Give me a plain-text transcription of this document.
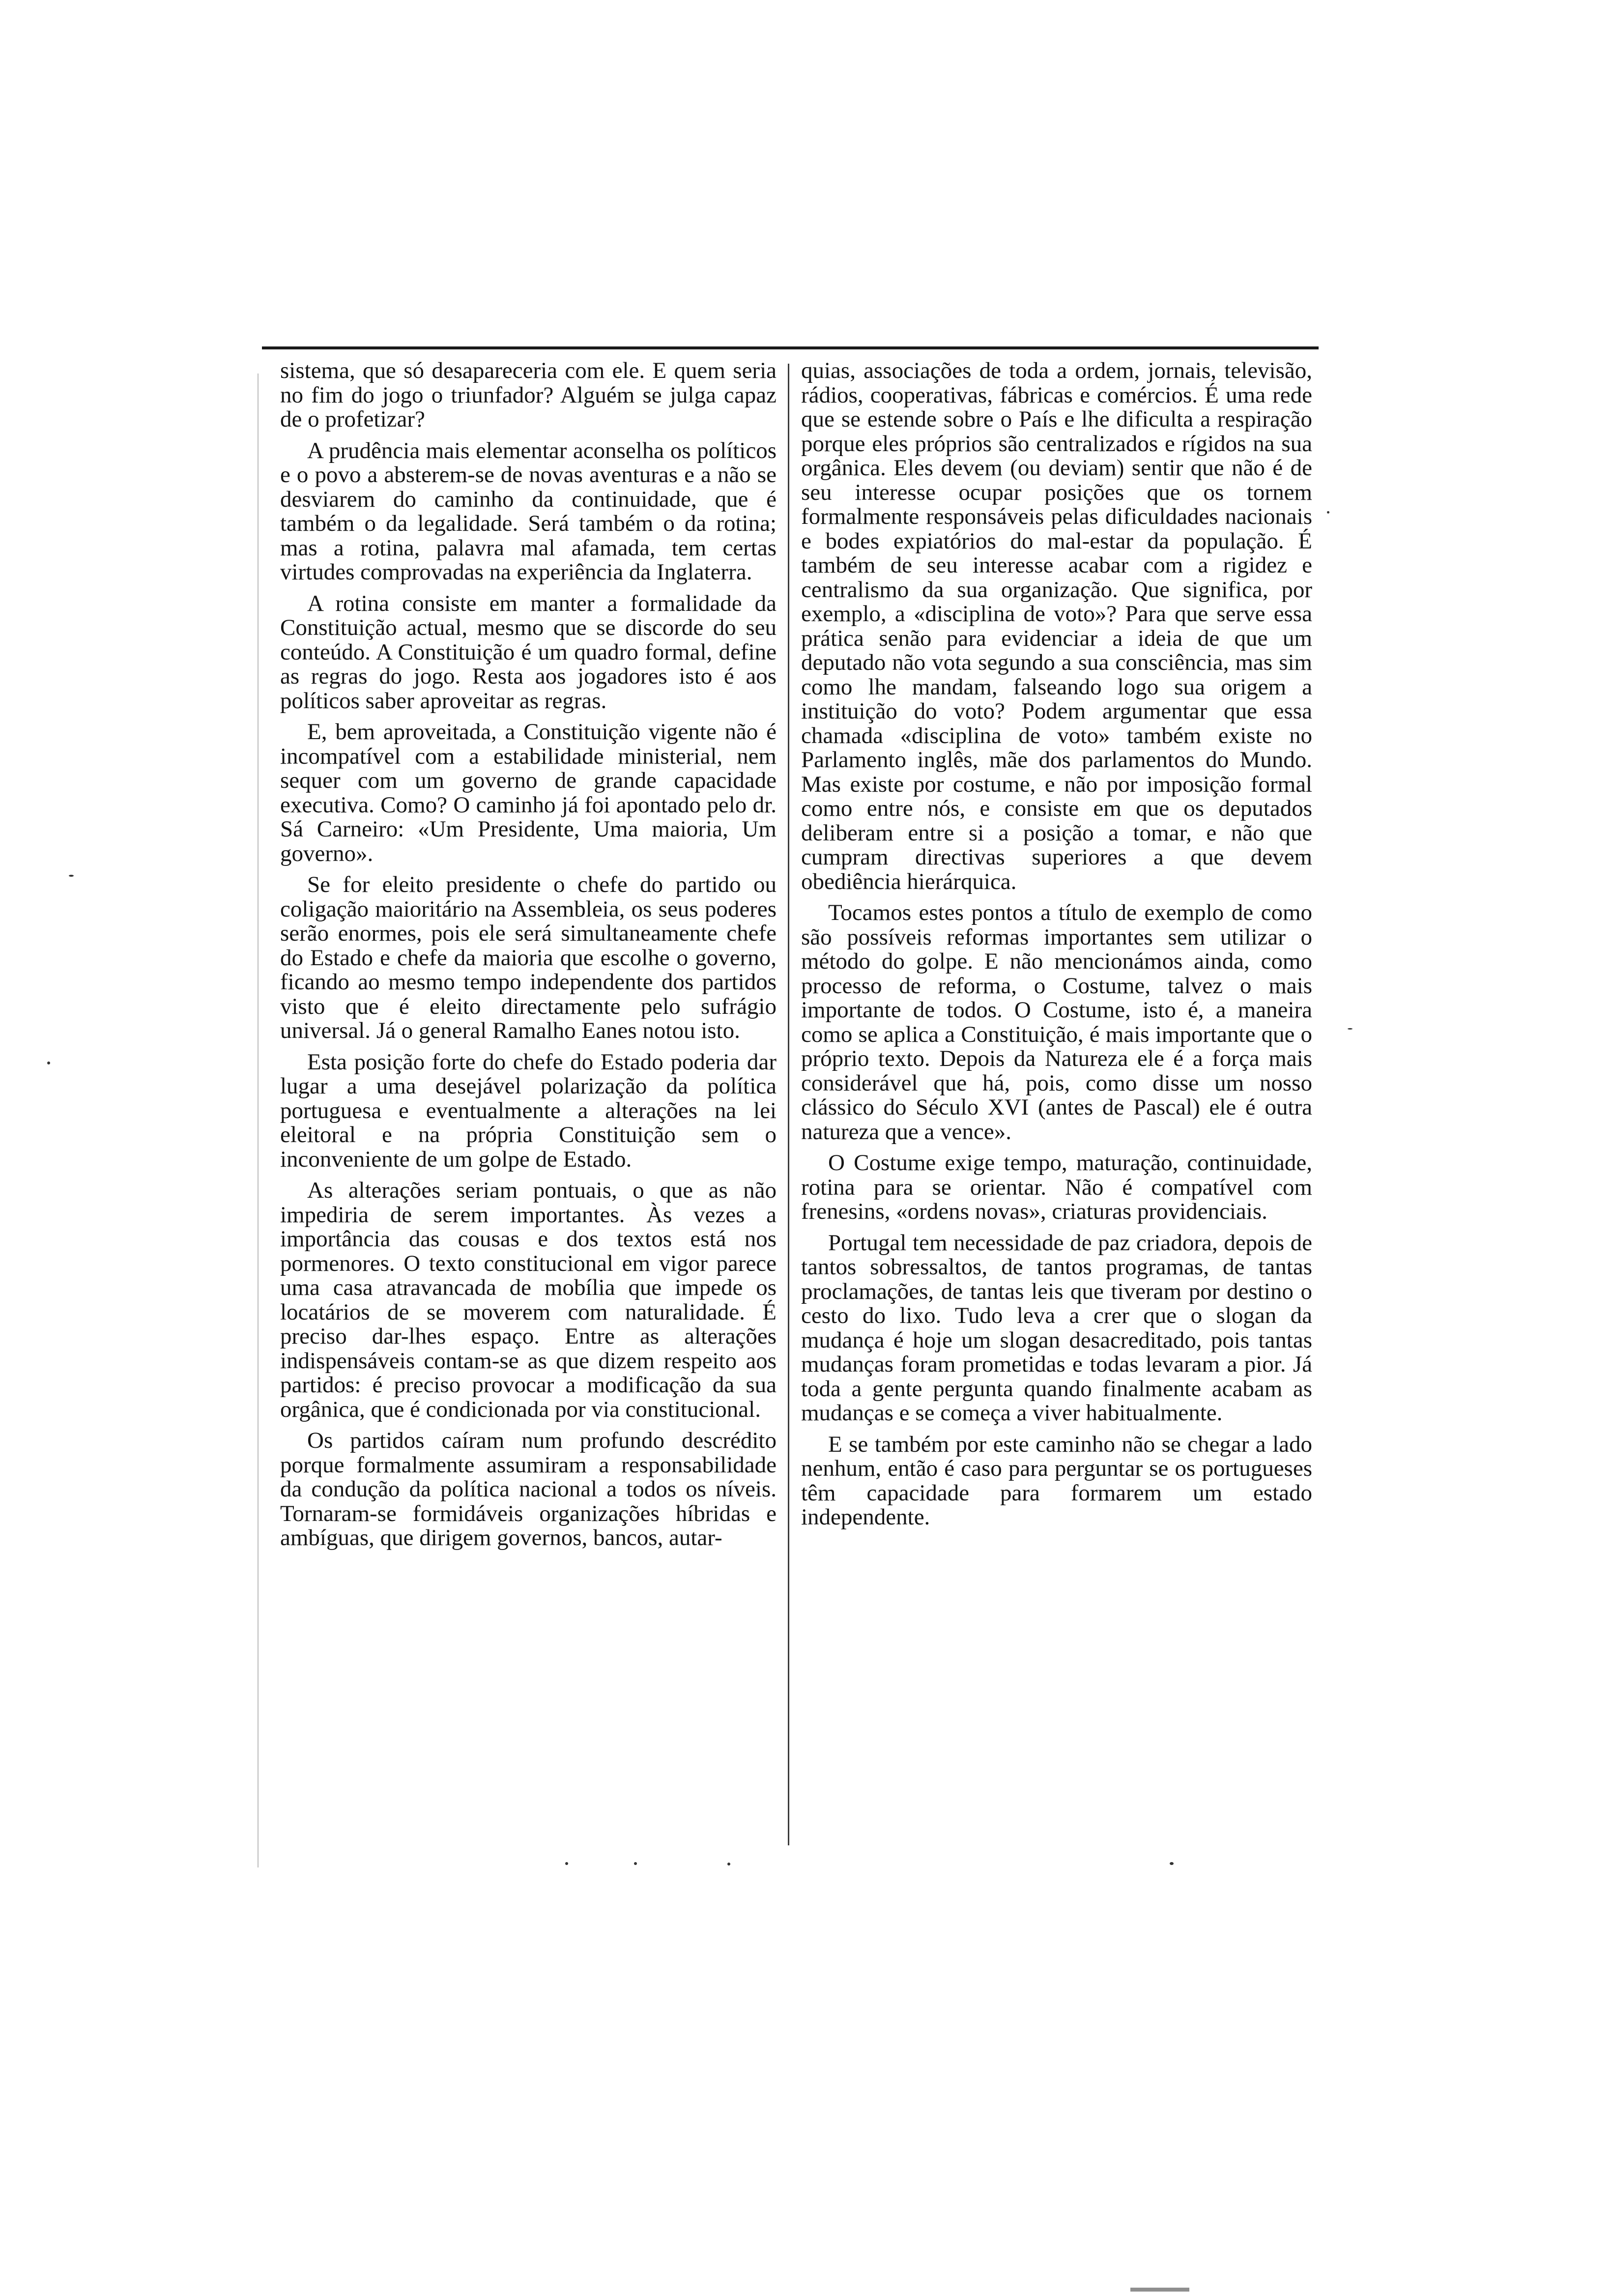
sistema, que só desapareceria com ele. E quem seria no fim do jogo o triunfador? Alguém se julga capaz de o profetizar?

A prudência mais elementar aconselha os políticos e o povo a absterem-se de novas aventuras e a não se desviarem do caminho da continuidade, que é também o da legalidade. Será também o da rotina; mas a rotina, palavra mal afamada, tem certas virtudes comprovadas na experiência da Inglaterra.

A rotina consiste em manter a formalidade da Constituição actual, mesmo que se discorde do seu conteúdo. A Constituição é um quadro formal, define as regras do jogo. Resta aos jogadores isto é aos políticos saber aproveitar as regras.

E, bem aproveitada, a Constituição vigente não é incompatível com a estabilidade ministerial, nem sequer com um governo de grande capacidade executiva. Como? O caminho já foi apontado pelo dr. Sá Carneiro: «Um Presidente, Uma maioria, Um governo».

Se for eleito presidente o chefe do partido ou coligação maioritário na Assembleia, os seus poderes serão enormes, pois ele será simultaneamente chefe do Estado e chefe da maioria que escolhe o governo, ficando ao mesmo tempo independente dos partidos visto que é eleito directamente pelo sufrágio universal. Já o general Ramalho Eanes notou isto.

Esta posição forte do chefe do Estado poderia dar lugar a uma desejável polarização da política portuguesa e eventualmente a alterações na lei eleitoral e na própria Constituição sem o inconveniente de um golpe de Estado.

As alterações seriam pontuais, o que as não impediria de serem importantes. Às vezes a importância das cousas e dos textos está nos pormenores. O texto constitucional em vigor parece uma casa atravancada de mobília que impede os locatários de se moverem com naturalidade. É preciso dar-lhes espaço. Entre as alterações indispensáveis contam-se as que dizem respeito aos partidos: é preciso provocar a modificação da sua orgânica, que é condicionada por via constitucional.

Os partidos caíram num profundo descrédito porque formalmente assumiram a responsabilidade da condução da política nacional a todos os níveis. Tornaram-se formidáveis organizações híbridas e ambíguas, que dirigem governos, bancos, autar-

quias, associações de toda a ordem, jornais, televisão, rádios, cooperativas, fábricas e comércios. É uma rede que se estende sobre o País e lhe dificulta a respiração porque eles próprios são centralizados e rígidos na sua orgânica. Eles devem (ou deviam) sentir que não é de seu interesse ocupar posições que os tornem formalmente responsáveis pelas dificuldades nacionais e bodes expiatórios do mal-estar da população. É também de seu interesse acabar com a rigidez e centralismo da sua organização. Que significa, por exemplo, a «disciplina de voto»? Para que serve essa prática senão para evidenciar a ideia de que um deputado não vota segundo a sua consciência, mas sim como lhe mandam, falseando logo sua origem a instituição do voto? Podem argumentar que essa chamada «disciplina de voto» também existe no Parlamento inglês, mãe dos parlamentos do Mundo. Mas existe por costume, e não por imposição formal como entre nós, e consiste em que os deputados deliberam entre si a posição a tomar, e não que cumpram directivas superiores a que devem obediência hierárquica.

Tocamos estes pontos a título de exemplo de como são possíveis reformas importantes sem utilizar o método do golpe. E não mencionámos ainda, como processo de reforma, o Costume, talvez o mais importante de todos. O Costume, isto é, a maneira como se aplica a Constituição, é mais importante que o próprio texto. Depois da Natureza ele é a força mais considerável que há, pois, como disse um nosso clássico do Século XVI (antes de Pascal) ele é outra natureza que a vence».

O Costume exige tempo, maturação, continuidade, rotina para se orientar. Não é compatível com frenesins, «ordens novas», criaturas providenciais.

Portugal tem necessidade de paz criadora, depois de tantos sobressaltos, de tantos programas, de tantas proclamações, de tantas leis que tiveram por destino o cesto do lixo. Tudo leva a crer que o slogan da mudança é hoje um slogan desacreditado, pois tantas mudanças foram prometidas e todas levaram a pior. Já toda a gente pergunta quando finalmente acabam as mudanças e se começa a viver habitualmente.

E se também por este caminho não se chegar a lado nenhum, então é caso para perguntar se os portugueses têm capacidade para formarem um estado independente.
